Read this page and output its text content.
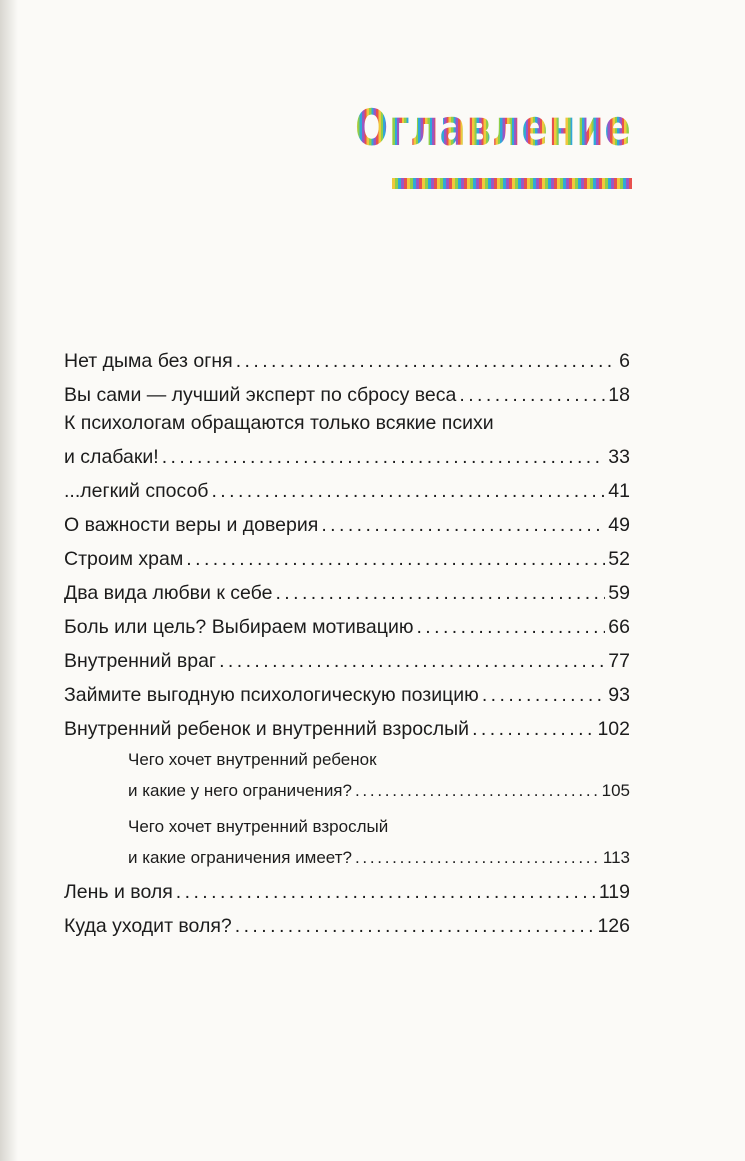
Оглавление
Нет дыма без огня . . .	6
Вы сами — лучший эксперт по сбросу веса . . .	18
К психологам обращаются только всякие психи
и слабаки! . . .	33
...легкий способ . . .	41
О важности веры и доверия . . .	49
Строим храм . . .	52
Два вида любви к себе . . .	59
Боль или цель? Выбираем мотивацию . . .	66
Внутренний враг . . .	77
Займите выгодную психологическую позицию . . .	93
Внутренний ребенок и внутренний взрослый . . .	102
Чего хочет внутренний ребенок
и какие у него ограничения? . . .	105
Чего хочет внутренний взрослый
и какие ограничения имеет? . . .	113
Лень и воля . . .	119
Куда уходит воля? . . .	126
